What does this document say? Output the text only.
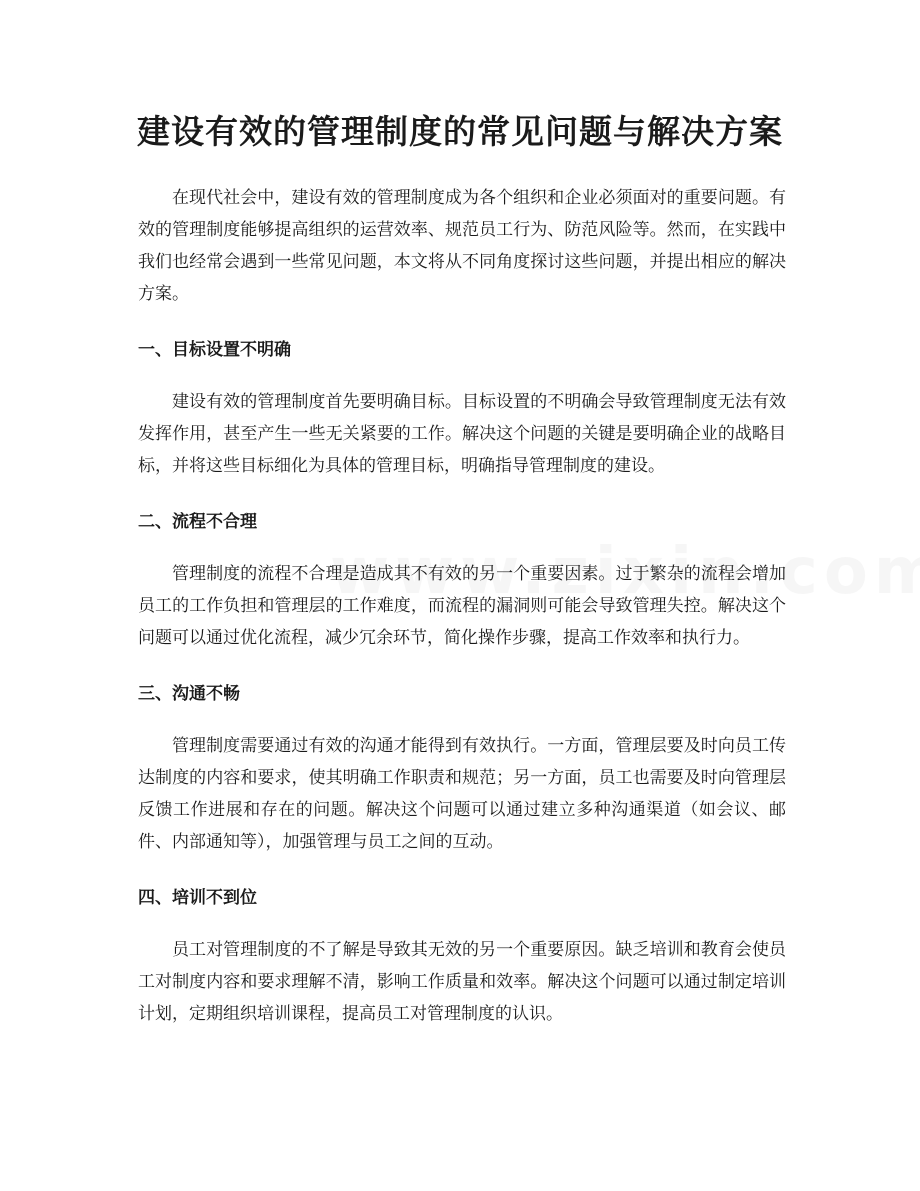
建设有效的管理制度的常见问题与解决方案

在现代社会中，建设有效的管理制度成为各个组织和企业必须面对的重要问题。有效的管理制度能够提高组织的运营效率、规范员工行为、防范风险等。然而，在实践中我们也经常会遇到一些常见问题，本文将从不同角度探讨这些问题，并提出相应的解决方案。

一、目标设置不明确

建设有效的管理制度首先要明确目标。目标设置的不明确会导致管理制度无法有效发挥作用，甚至产生一些无关紧要的工作。解决这个问题的关键是要明确企业的战略目标，并将这些目标细化为具体的管理目标，明确指导管理制度的建设。

二、流程不合理

管理制度的流程不合理是造成其不有效的另一个重要因素。过于繁杂的流程会增加员工的工作负担和管理层的工作难度，而流程的漏洞则可能会导致管理失控。解决这个问题可以通过优化流程，减少冗余环节，简化操作步骤，提高工作效率和执行力。

三、沟通不畅

管理制度需要通过有效的沟通才能得到有效执行。一方面，管理层要及时向员工传达制度的内容和要求，使其明确工作职责和规范；另一方面，员工也需要及时向管理层反馈工作进展和存在的问题。解决这个问题可以通过建立多种沟通渠道（如会议、邮件、内部通知等），加强管理与员工之间的互动。

四、培训不到位

员工对管理制度的不了解是导致其无效的另一个重要原因。缺乏培训和教育会使员工对制度内容和要求理解不清，影响工作质量和效率。解决这个问题可以通过制定培训计划，定期组织培训课程，提高员工对管理制度的认识。
